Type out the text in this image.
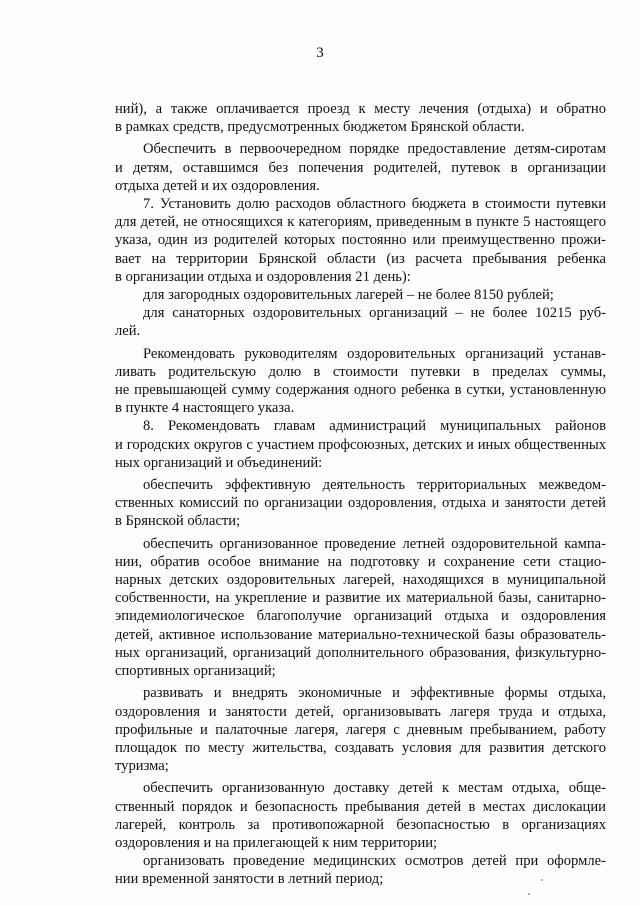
3
ний), а также оплачивается проезд к месту лечения (отдыха) и обратно
в рамках средств, предусмотренных бюджетом Брянской области.
Обеспечить в первоочередном порядке предоставление детям-сиротам
и детям, оставшимся без попечения родителей, путевок в организации
отдыха детей и их оздоровления.
7. Установить долю расходов областного бюджета в стоимости путевки
для детей, не относящихся к категориям, приведенным в пункте 5 настоящего
указа, один из родителей которых постоянно или преимущественно прожи-
вает на территории Брянской области (из расчета пребывания ребенка
в организации отдыха и оздоровления 21 день):
для загородных оздоровительных лагерей – не более 8150 рублей;
для санаторных оздоровительных организаций – не более 10215 руб-
лей.
Рекомендовать руководителям оздоровительных организаций устанав-
ливать родительскую долю в стоимости путевки в пределах суммы,
не превышающей сумму содержания одного ребенка в сутки, установленную
в пункте 4 настоящего указа.
8. Рекомендовать главам администраций муниципальных районов
и городских округов с участием профсоюзных, детских и иных общественных
ных организаций и объединений:
обеспечить эффективную деятельность территориальных межведом-
ственных комиссий по организации оздоровления, отдыха и занятости детей
в Брянской области;
обеспечить организованное проведение летней оздоровительной кампа-
нии, обратив особое внимание на подготовку и сохранение сети стацио-
нарных детских оздоровительных лагерей, находящихся в муниципальной
собственности, на укрепление и развитие их материальной базы, санитарно-
эпидемиологическое благополучие организаций отдыха и оздоровления
детей, активное использование материально-технической базы образователь-
ных организаций, организаций дополнительного образования, физкультурно-
спортивных организаций;
развивать и внедрять экономичные и эффективные формы отдыха,
оздоровления и занятости детей, организовывать лагеря труда и отдыха,
профильные и палаточные лагеря, лагеря с дневным пребыванием, работу
площадок по месту жительства, создавать условия для развития детского
туризма;
обеспечить организованную доставку детей к местам отдыха, обще-
ственный порядок и безопасность пребывания детей в местах дислокации
лагерей, контроль за противопожарной безопасностью в организациях
оздоровления и на прилегающей к ним территории;
организовать проведение медицинских осмотров детей при оформле-
нии временной занятости в летний период;
